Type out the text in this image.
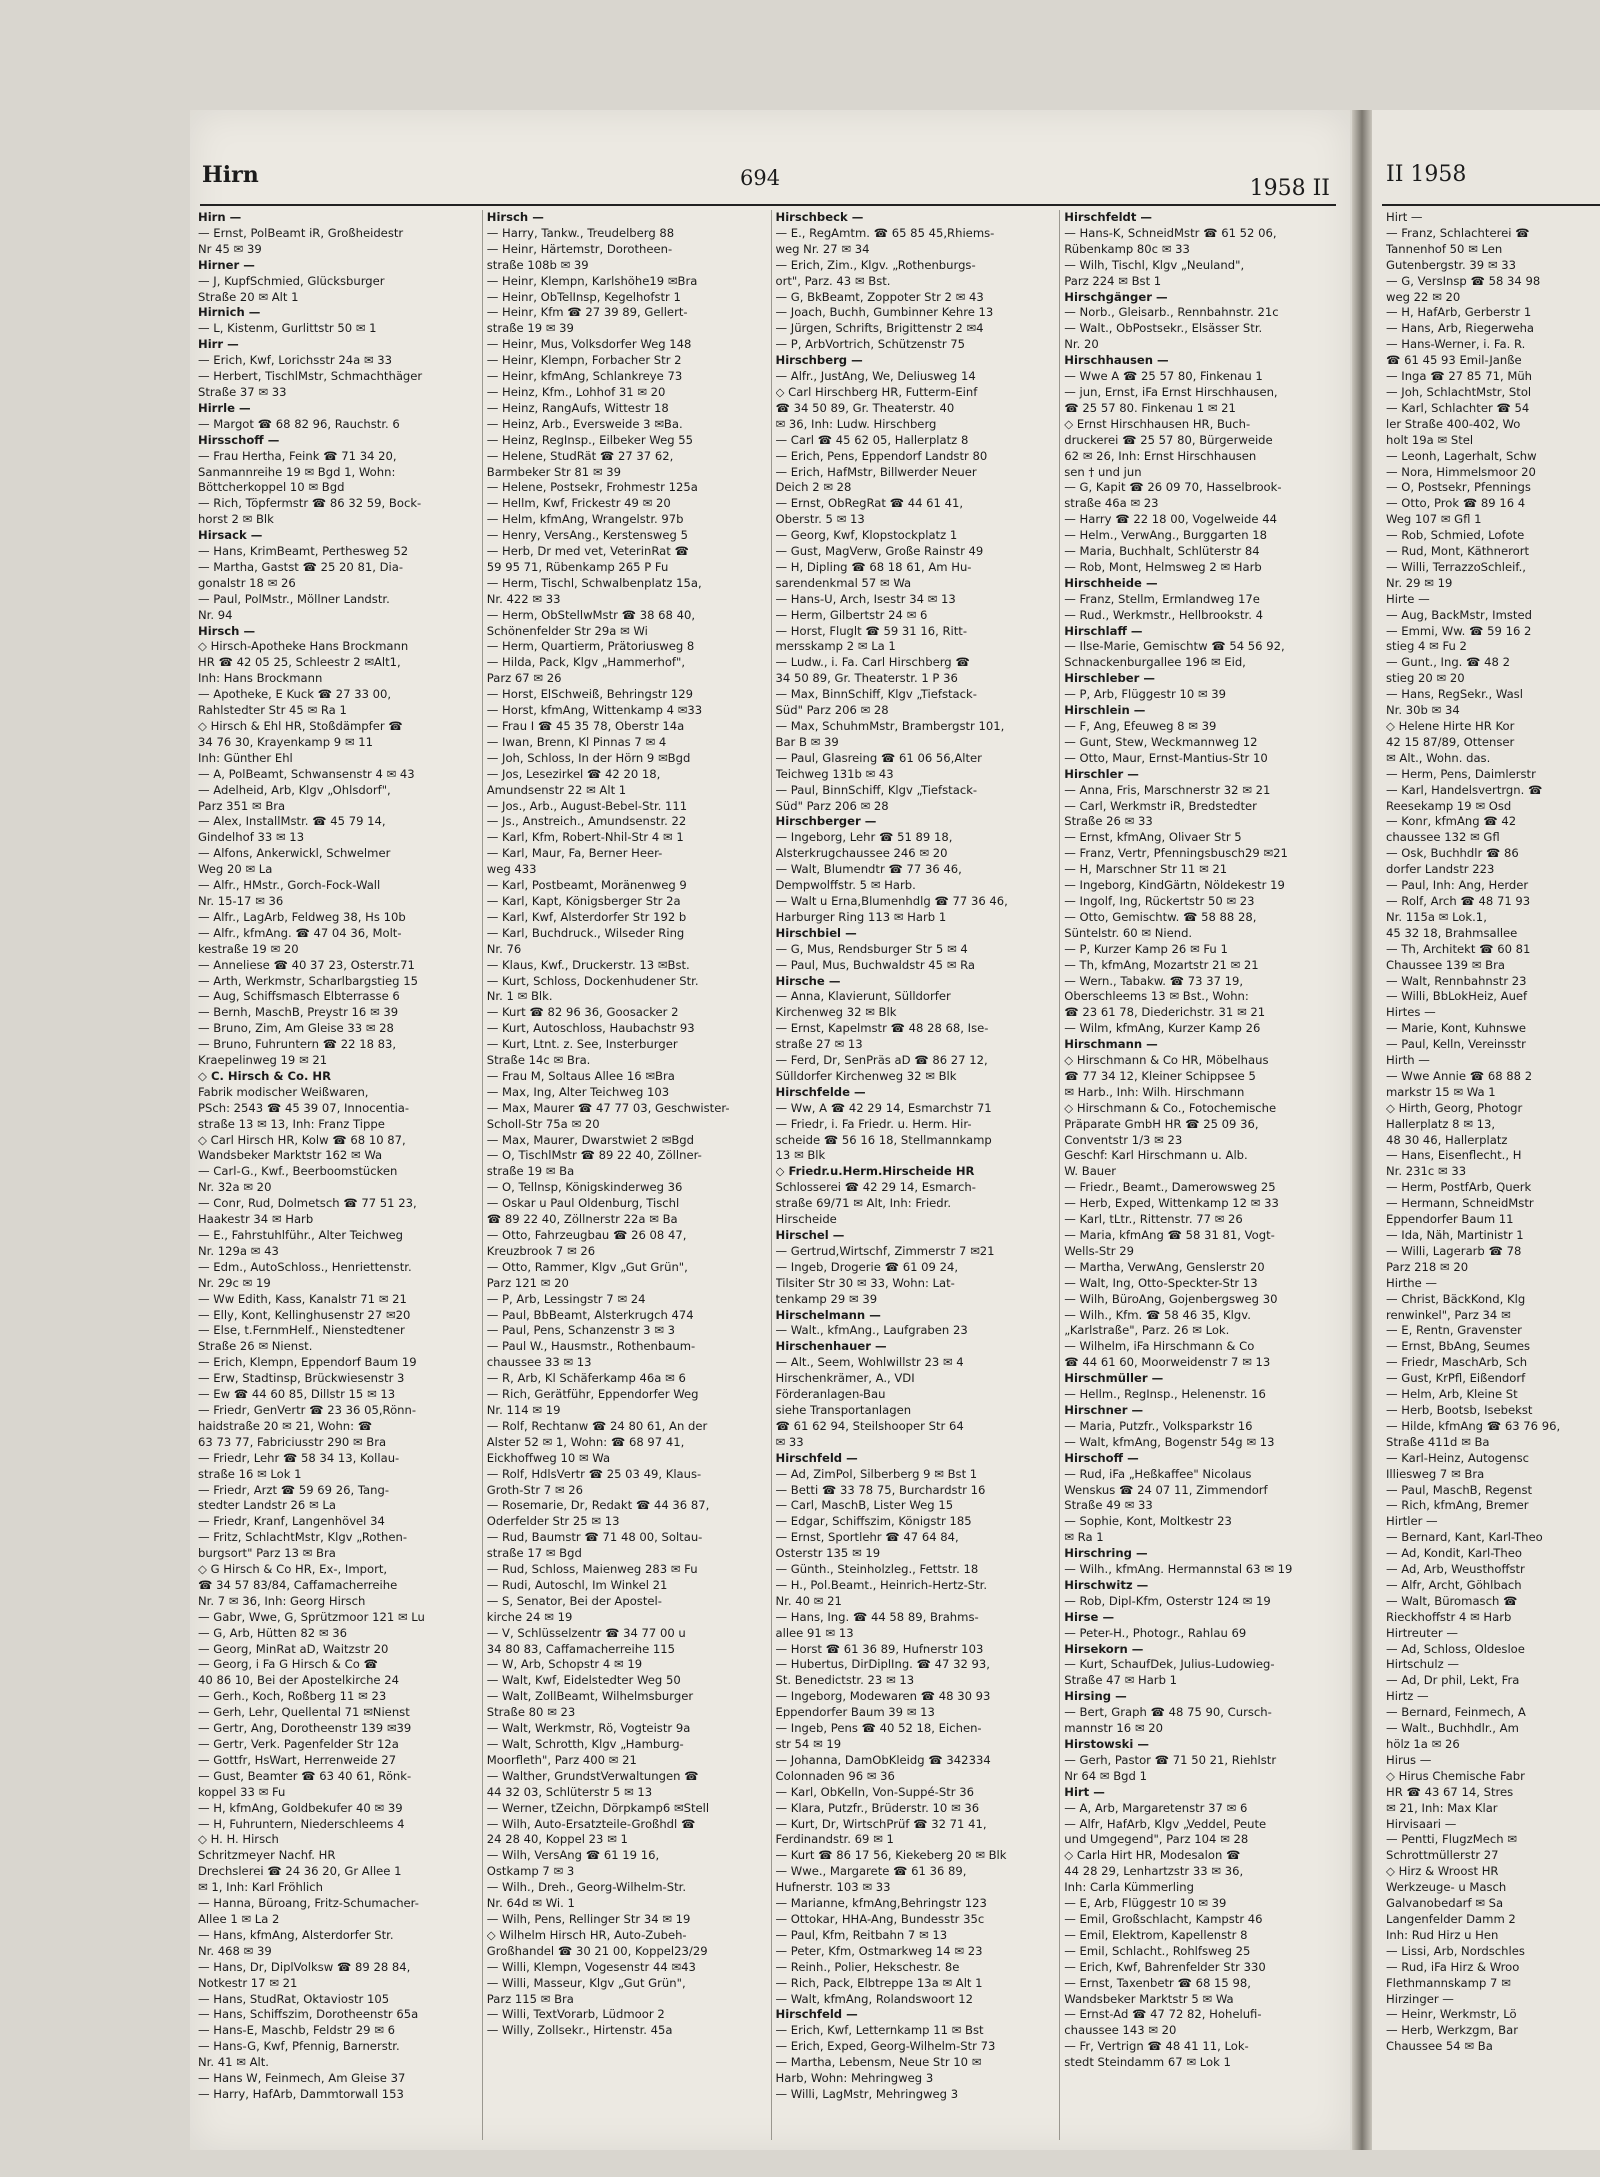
Hirn	694	1958 II
Hirn —
— Ernst, PolBeamt iR, Großheidestr
Nr 45 ✉ 39
Hirner —
— J, KupfSchmied, Glücksburger
Straße 20 ✉ Alt 1
Hirnich —
— L, Kistenm, Gurlittstr 50 ✉ 1
Hirr —
— Erich, Kwf, Lorichsstr 24a ✉ 33
— Herbert, TischlMstr, Schmachthäger
Straße 37 ✉ 33
Hirrle —
— Margot ☎ 68 82 96, Rauchstr. 6
Hirsschoff —
— Frau Hertha, Feink ☎ 71 34 20,
Sanmannreihe 19 ✉ Bgd 1, Wohn:
Böttcherkoppel 10 ✉ Bgd
— Rich, Töpfermstr ☎ 86 32 59, Bock-
horst 2 ✉ Blk
Hirsack —
— Hans, KrimBeamt, Perthesweg 52
— Martha, Gastst ☎ 25 20 81, Dia-
gonalstr 18 ✉ 26
— Paul, PolMstr., Möllner Landstr.
Nr. 94
Hirsch —
◇ Hirsch-Apotheke Hans Brockmann
HR ☎ 42 05 25, Schleestr 2 ✉Alt1,
Inh: Hans Brockmann
— Apotheke, E Kuck ☎ 27 33 00,
Rahlstedter Str 45 ✉ Ra 1
◇ Hirsch & Ehl HR, Stoßdämpfer ☎
34 76 30, Krayenkamp 9 ✉ 11
Inh: Günther Ehl
— A, PolBeamt, Schwansenstr 4 ✉ 43
— Adelheid, Arb, Klgv „Ohlsdorf",
Parz 351 ✉ Bra
— Alex, InstallMstr. ☎ 45 79 14,
Gindelhof 33 ✉ 13
— Alfons, Ankerwickl, Schwelmer
Weg 20 ✉ La
— Alfr., HMstr., Gorch-Fock-Wall
Nr. 15-17 ✉ 36
— Alfr., LagArb, Feldweg 38, Hs 10b
— Alfr., kfmAng. ☎ 47 04 36, Molt-
kestraße 19 ✉ 20
— Anneliese ☎ 40 37 23, Osterstr.71
— Arth, Werkmstr, Scharlbargstieg 15
— Aug, Schiffsmasch Elbterrasse 6
— Bernh, MaschB, Preystr 16 ✉ 39
— Bruno, Zim, Am Gleise 33 ✉ 28
— Bruno, Fuhruntern ☎ 22 18 83,
Kraepelinweg 19 ✉ 21
◇ C. Hirsch & Co. HR
Fabrik modischer Weißwaren,
PSch: 2543 ☎ 45 39 07, Innocentia-
straße 13 ✉ 13, Inh: Franz Tippe
◇ Carl Hirsch HR, Kolw ☎ 68 10 87,
Wandsbeker Marktstr 162 ✉ Wa
— Carl-G., Kwf., Beerboomstücken
Nr. 32a ✉ 20
— Conr, Rud, Dolmetsch ☎ 77 51 23,
Haakestr 34 ✉ Harb
— E., Fahrstuhlführ., Alter Teichweg
Nr. 129a ✉ 43
— Edm., AutoSchloss., Henriettenstr.
Nr. 29c ✉ 19
— Ww Edith, Kass, Kanalstr 71 ✉ 21
— Elly, Kont, Kellinghusenstr 27 ✉20
— Else, t.FernmHelf., Nienstedtener
Straße 26 ✉ Nienst.
— Erich, Klempn, Eppendorf Baum 19
— Erw, Stadtinsp, Brückwiesenstr 3
— Ew ☎ 44 60 85, Dillstr 15 ✉ 13
— Friedr, GenVertr ☎ 23 36 05,Rönn-
haidstraße 20 ✉ 21, Wohn: ☎
63 73 77, Fabriciusstr 290 ✉ Bra
— Friedr, Lehr ☎ 58 34 13, Kollau-
straße 16 ✉ Lok 1
— Friedr, Arzt ☎ 59 69 26, Tang-
stedter Landstr 26 ✉ La
— Friedr, Kranf, Langenhövel 34
— Fritz, SchlachtMstr, Klgv „Rothen-
burgsort" Parz 13 ✉ Bra
◇ G Hirsch & Co HR, Ex-, Import,
☎ 34 57 83/84, Caffamacherreihe
Nr. 7 ✉ 36, Inh: Georg Hirsch
— Gabr, Wwe, G, Sprützmoor 121 ✉ Lu
— G, Arb, Hütten 82 ✉ 36
— Georg, MinRat aD, Waitzstr 20
— Georg, i Fa G Hirsch & Co ☎
40 86 10, Bei der Apostelkirche 24
— Gerh., Koch, Roßberg 11 ✉ 23
— Gerh, Lehr, Quellental 71 ✉Nienst
— Gertr, Ang, Dorotheenstr 139 ✉39
— Gertr, Verk. Pagenfelder Str 12a
— Gottfr, HsWart, Herrenweide 27
— Gust, Beamter ☎ 63 40 61, Rönk-
koppel 33 ✉ Fu
— H, kfmAng, Goldbekufer 40 ✉ 39
— H, Fuhruntern, Niederschleems 4
◇ H. H. Hirsch
Schritzmeyer Nachf. HR
Drechslerei ☎ 24 36 20, Gr Allee 1
✉ 1, Inh: Karl Fröhlich
— Hanna, Büroang, Fritz-Schumacher-
Allee 1 ✉ La 2
— Hans, kfmAng, Alsterdorfer Str.
Nr. 468 ✉ 39
— Hans, Dr, DiplVolksw ☎ 89 28 84,
Notkestr 17 ✉ 21
— Hans, StudRat, Oktaviostr 105
— Hans, Schiffszim, Dorotheenstr 65a
— Hans-E, Maschb, Feldstr 29 ✉ 6
— Hans-G, Kwf, Pfennig, Barnerstr.
Nr. 41 ✉ Alt.
— Hans W, Feinmech, Am Gleise 37
— Harry, HafArb, Dammtorwall 153
Hirsch —
— Harry, Tankw., Treudelberg 88
— Heinr, Härtemstr, Dorotheen-
straße 108b ✉ 39
— Heinr, Klempn, Karlshöhe19 ✉Bra
— Heinr, ObTelInsp, Kegelhofstr 1
— Heinr, Kfm ☎ 27 39 89, Gellert-
straße 19 ✉ 39
— Heinr, Mus, Volksdorfer Weg 148
— Heinr, Klempn, Forbacher Str 2
— Heinr, kfmAng, Schlankreye 73
— Heinz, Kfm., Lohhof 31 ✉ 20
— Heinz, RangAufs, Wittestr 18
— Heinz, Arb., Eversweide 3 ✉Ba.
— Heinz, RegInsp., Eilbeker Weg 55
— Helene, StudRät ☎ 27 37 62,
Barmbeker Str 81 ✉ 39
— Helene, Postsekr, Frohmestr 125a
— Hellm, Kwf, Frickestr 49 ✉ 20
— Helm, kfmAng, Wrangelstr. 97b
— Henry, VersAng., Kerstensweg 5
— Herb, Dr med vet, VeterinRat ☎
59 95 71, Rübenkamp 265 P Fu
— Herm, Tischl, Schwalbenplatz 15a,
Nr. 422 ✉ 33
— Herm, ObStellwMstr ☎ 38 68 40,
Schönenfelder Str 29a ✉ Wi
— Herm, Quartierm, Prätoriusweg 8
— Hilda, Pack, Klgv „Hammerhof",
Parz 67 ✉ 26
— Horst, ElSchweiß, Behringstr 129
— Horst, kfmAng, Wittenkamp 4 ✉33
— Frau I ☎ 45 35 78, Oberstr 14a
— Iwan, Brenn, Kl Pinnas 7 ✉ 4
— Joh, Schloss, In der Hörn 9 ✉Bgd
— Jos, Lesezirkel ☎ 42 20 18,
Amundsenstr 22 ✉ Alt 1
— Jos., Arb., August-Bebel-Str. 111
— Js., Anstreich., Amundsenstr. 22
— Karl, Kfm, Robert-Nhil-Str 4 ✉ 1
— Karl, Maur, Fa, Berner Heer-
weg 433
— Karl, Postbeamt, Moränenweg 9
— Karl, Kapt, Königsberger Str 2a
— Karl, Kwf, Alsterdorfer Str 192 b
— Karl, Buchdruck., Wilseder Ring
Nr. 76
— Klaus, Kwf., Druckerstr. 13 ✉Bst.
— Kurt, Schloss, Dockenhudener Str.
Nr. 1 ✉ Blk.
— Kurt ☎ 82 96 36, Goosacker 2
— Kurt, Autoschloss, Haubachstr 93
— Kurt, Ltnt. z. See, Insterburger
Straße 14c ✉ Bra.
— Frau M, Soltaus Allee 16 ✉Bra
— Max, Ing, Alter Teichweg 103
— Max, Maurer ☎ 47 77 03, Geschwister-
Scholl-Str 75a ✉ 20
— Max, Maurer, Dwarstwiet 2 ✉Bgd
— O, TischlMstr ☎ 89 22 40, Zöllner-
straße 19 ✉ Ba
— O, Tellnsp, Königskinderweg 36
— Oskar u Paul Oldenburg, Tischl
☎ 89 22 40, Zöllnerstr 22a ✉ Ba
— Otto, Fahrzeugbau ☎ 26 08 47,
Kreuzbrook 7 ✉ 26
— Otto, Rammer, Klgv „Gut Grün",
Parz 121 ✉ 20
— P, Arb, Lessingstr 7 ✉ 24
— Paul, BbBeamt, Alsterkrugch 474
— Paul, Pens, Schanzenstr 3 ✉ 3
— Paul W., Hausmstr., Rothenbaum-
chaussee 33 ✉ 13
— R, Arb, Kl Schäferkamp 46a ✉ 6
— Rich, Gerätführ, Eppendorfer Weg
Nr. 114 ✉ 19
— Rolf, Rechtanw ☎ 24 80 61, An der
Alster 52 ✉ 1, Wohn: ☎ 68 97 41,
Eickhoffweg 10 ✉ Wa
— Rolf, HdlsVertr ☎ 25 03 49, Klaus-
Groth-Str 7 ✉ 26
— Rosemarie, Dr, Redakt ☎ 44 36 87,
Oderfelder Str 25 ✉ 13
— Rud, Baumstr ☎ 71 48 00, Soltau-
straße 17 ✉ Bgd
— Rud, Schloss, Maienweg 283 ✉ Fu
— Rudi, Autoschl, Im Winkel 21
— S, Senator, Bei der Apostel-
kirche 24 ✉ 19
— V, Schlüsselzentr ☎ 34 77 00 u
34 80 83, Caffamacherreihe 115
— W, Arb, Schopstr 4 ✉ 19
— Walt, Kwf, Eidelstedter Weg 50
— Walt, ZollBeamt, Wilhelmsburger
Straße 80 ✉ 23
— Walt, Werkmstr, Rö, Vogteistr 9a
— Walt, Schrotth, Klgv „Hamburg-
Moorfleth", Parz 400 ✉ 21
— Walther, GrundstVerwaltungen ☎
44 32 03, Schlüterstr 5 ✉ 13
— Werner, tZeichn, Dörpkamp6 ✉Stell
— Wilh, Auto-Ersatzteile-Großhdl ☎
24 28 40, Koppel 23 ✉ 1
— Wilh, VersAng ☎ 61 19 16,
Ostkamp 7 ✉ 3
— Wilh., Dreh., Georg-Wilhelm-Str.
Nr. 64d ✉ Wi. 1
— Wilh, Pens, Rellinger Str 34 ✉ 19
◇ Wilhelm Hirsch HR, Auto-Zubeh-
Großhandel ☎ 30 21 00, Koppel23/29
— Willi, Klempn, Vogesenstr 44 ✉43
— Willi, Masseur, Klgv „Gut Grün",
Parz 115 ✉ Bra
— Willi, TextVorarb, Lüdmoor 2
— Willy, Zollsekr., Hirtenstr. 45a
Hirschbeck —
— E., RegAmtm. ☎ 65 85 45,Rhiems-
weg Nr. 27 ✉ 34
— Erich, Zim., Klgv. „Rothenburgs-
ort", Parz. 43 ✉ Bst.
— G, BkBeamt, Zoppoter Str 2 ✉ 43
— Joach, Buchh, Gumbinner Kehre 13
— Jürgen, Schrifts, Brigittenstr 2 ✉4
— P, ArbVortrich, Schützenstr 75
Hirschberg —
— Alfr., JustAng, We, Deliusweg 14
◇ Carl Hirschberg HR, Futterm-Einf
☎ 34 50 89, Gr. Theaterstr. 40
✉ 36, Inh: Ludw. Hirschberg
— Carl ☎ 45 62 05, Hallerplatz 8
— Erich, Pens, Eppendorf Landstr 80
— Erich, HafMstr, Billwerder Neuer
Deich 2 ✉ 28
— Ernst, ObRegRat ☎ 44 61 41,
Oberstr. 5 ✉ 13
— Georg, Kwf, Klopstockplatz 1
— Gust, MagVerw, Große Rainstr 49
— H, Dipling ☎ 68 18 61, Am Hu-
sarendenkmal 57 ✉ Wa
— Hans-U, Arch, Isestr 34 ✉ 13
— Herm, Gilbertstr 24 ✉ 6
— Horst, Fluglt ☎ 59 31 16, Ritt-
mersskamp 2 ✉ La 1
— Ludw., i. Fa. Carl Hirschberg ☎
34 50 89, Gr. Theaterstr. 1 P 36
— Max, BinnSchiff, Klgv „Tiefstack-
Süd" Parz 206 ✉ 28
— Max, SchuhmMstr, Brambergstr 101,
Bar B ✉ 39
— Paul, Glasreing ☎ 61 06 56,Alter
Teichweg 131b ✉ 43
— Paul, BinnSchiff, Klgv „Tiefstack-
Süd" Parz 206 ✉ 28
Hirschberger —
— Ingeborg, Lehr ☎ 51 89 18,
Alsterkrugchaussee 246 ✉ 20
— Walt, Blumendtr ☎ 77 36 46,
Dempwolffstr. 5 ✉ Harb.
— Walt u Erna,Blumenhdlg ☎ 77 36 46,
Harburger Ring 113 ✉ Harb 1
Hirschbiel —
— G, Mus, Rendsburger Str 5 ✉ 4
— Paul, Mus, Buchwaldstr 45 ✉ Ra
Hirsche —
— Anna, Klavierunt, Sülldorfer
Kirchenweg 32 ✉ Blk
— Ernst, Kapelmstr ☎ 48 28 68, Ise-
straße 27 ✉ 13
— Ferd, Dr, SenPräs aD ☎ 86 27 12,
Sülldorfer Kirchenweg 32 ✉ Blk
Hirschfelde —
— Ww, A ☎ 42 29 14, Esmarchstr 71
— Friedr, i. Fa Friedr. u. Herm. Hir-
scheide ☎ 56 16 18, Stellmannkamp
13 ✉ Blk
◇ Friedr.u.Herm.Hirscheide HR
Schlosserei ☎ 42 29 14, Esmarch-
straße 69/71 ✉ Alt, Inh: Friedr.
Hirscheide
Hirschel —
— Gertrud,Wirtschf, Zimmerstr 7 ✉21
— Ingeb, Drogerie ☎ 61 09 24,
Tilsiter Str 30 ✉ 33, Wohn: Lat-
tenkamp 29 ✉ 39
Hirschelmann —
— Walt., kfmAng., Laufgraben 23
Hirschenhauer —
— Alt., Seem, Wohlwillstr 23 ✉ 4
Hirschenkrämer, A., VDI
Förderanlagen-Bau
siehe Transportanlagen
☎ 61 62 94, Steilshooper Str 64
✉ 33
Hirschfeld —
— Ad, ZimPol, Silberberg 9 ✉ Bst 1
— Betti ☎ 33 78 75, Burchardstr 16
— Carl, MaschB, Lister Weg 15
— Edgar, Schiffszim, Königstr 185
— Ernst, Sportlehr ☎ 47 64 84,
Osterstr 135 ✉ 19
— Günth., Steinholzleg., Fettstr. 18
— H., Pol.Beamt., Heinrich-Hertz-Str.
Nr. 40 ✉ 21
— Hans, Ing. ☎ 44 58 89, Brahms-
allee 91 ✉ 13
— Horst ☎ 61 36 89, Hufnerstr 103
— Hubertus, DirDiplIng. ☎ 47 32 93,
St. Benedictstr. 23 ✉ 13
— Ingeborg, Modewaren ☎ 48 30 93
Eppendorfer Baum 39 ✉ 13
— Ingeb, Pens ☎ 40 52 18, Eichen-
str 54 ✉ 19
— Johanna, DamObKleidg ☎ 342334
Colonnaden 96 ✉ 36
— Karl, ObKelln, Von-Suppé-Str 36
— Klara, Putzfr., Brüderstr. 10 ✉ 36
— Kurt, Dr, WirtschPrüf ☎ 32 71 41,
Ferdinandstr. 69 ✉ 1
— Kurt ☎ 86 17 56, Kiekeberg 20 ✉ Blk
— Wwe., Margarete ☎ 61 36 89,
Hufnerstr. 103 ✉ 33
— Marianne, kfmAng,Behringstr 123
— Ottokar, HHA-Ang, Bundesstr 35c
— Paul, Kfm, Reitbahn 7 ✉ 13
— Peter, Kfm, Ostmarkweg 14 ✉ 23
— Reinh., Polier, Hekschestr. 8e
— Rich, Pack, Elbtreppe 13a ✉ Alt 1
— Walt, kfmAng, Rolandswoort 12
Hirschfeld —
— Erich, Kwf, Letternkamp 11 ✉ Bst
— Erich, Exped, Georg-Wilhelm-Str 73
— Martha, Lebensm, Neue Str 10 ✉
Harb, Wohn: Mehringweg 3
— Willi, LagMstr, Mehringweg 3
Hirschfeldt —
— Hans-K, SchneidMstr ☎ 61 52 06,
Rübenkamp 80c ✉ 33
— Wilh, Tischl, Klgv „Neuland",
Parz 224 ✉ Bst 1
Hirschgänger —
— Norb., Gleisarb., Rennbahnstr. 21c
— Walt., ObPostsekr., Elsässer Str.
Nr. 20
Hirschhausen —
— Wwe A ☎ 25 57 80, Finkenau 1
— jun, Ernst, iFa Ernst Hirschhausen,
☎ 25 57 80. Finkenau 1 ✉ 21
◇ Ernst Hirschhausen HR, Buch-
druckerei ☎ 25 57 80, Bürgerweide
62 ✉ 26, Inh: Ernst Hirschhausen
sen † und jun
— G, Kapit ☎ 26 09 70, Hasselbrook-
straße 46a ✉ 23
— Harry ☎ 22 18 00, Vogelweide 44
— Helm., VerwAng., Burggarten 18
— Maria, Buchhalt, Schlüterstr 84
— Rob, Mont, Helmsweg 2 ✉ Harb
Hirschheide —
— Franz, Stellm, Ermlandweg 17e
— Rud., Werkmstr., Hellbrookstr. 4
Hirschlaff —
— Ilse-Marie, Gemischtw ☎ 54 56 92,
Schnackenburgallee 196 ✉ Eid,
Hirschleber —
— P, Arb, Flüggestr 10 ✉ 39
Hirschlein —
— F, Ang, Efeuweg 8 ✉ 39
— Gunt, Stew, Weckmannweg 12
— Otto, Maur, Ernst-Mantius-Str 10
Hirschler —
— Anna, Fris, Marschnerstr 32 ✉ 21
— Carl, Werkmstr iR, Bredstedter
Straße 26 ✉ 33
— Ernst, kfmAng, Olivaer Str 5
— Franz, Vertr, Pfenningsbusch29 ✉21
— H, Marschner Str 11 ✉ 21
— Ingeborg, KindGärtn, Nöldekestr 19
— Ingolf, Ing, Rückertstr 50 ✉ 23
— Otto, Gemischtw. ☎ 58 88 28,
Süntelstr. 60 ✉ Niend.
— P, Kurzer Kamp 26 ✉ Fu 1
— Th, kfmAng, Mozartstr 21 ✉ 21
— Wern., Tabakw. ☎ 73 37 19,
Oberschleems 13 ✉ Bst., Wohn:
☎ 23 61 78, Diederichstr. 31 ✉ 21
— Wilm, kfmAng, Kurzer Kamp 26
Hirschmann —
◇ Hirschmann & Co HR, Möbelhaus
☎ 77 34 12, Kleiner Schippsee 5
✉ Harb., Inh: Wilh. Hirschmann
◇ Hirschmann & Co., Fotochemische
Präparate GmbH HR ☎ 25 09 36,
Conventstr 1/3 ✉ 23
Geschf: Karl Hirschmann u. Alb.
W. Bauer
— Friedr., Beamt., Damerowsweg 25
— Herb, Exped, Wittenkamp 12 ✉ 33
— Karl, tLtr., Rittenstr. 77 ✉ 26
— Maria, kfmAng ☎ 58 31 81, Vogt-
Wells-Str 29
— Martha, VerwAng, Genslerstr 20
— Walt, Ing, Otto-Speckter-Str 13
— Wilh, BüroAng, Gojenbergsweg 30
— Wilh., Kfm. ☎ 58 46 35, Klgv.
„Karlstraße", Parz. 26 ✉ Lok.
— Wilhelm, iFa Hirschmann & Co
☎ 44 61 60, Moorweidenstr 7 ✉ 13
Hirschmüller —
— Hellm., RegInsp., Helenenstr. 16
Hirschner —
— Maria, Putzfr., Volksparkstr 16
— Walt, kfmAng, Bogenstr 54g ✉ 13
Hirschoff —
— Rud, iFa „Heßkaffee" Nicolaus
Wenskus ☎ 24 07 11, Zimmendorf
Straße 49 ✉ 33
— Sophie, Kont, Moltkestr 23
✉ Ra 1
Hirschring —
— Wilh., kfmAng. Hermannstal 63 ✉ 19
Hirschwitz —
— Rob, Dipl-Kfm, Osterstr 124 ✉ 19
Hirse —
— Peter-H., Photogr., Rahlau 69
Hirsekorn —
— Kurt, SchaufDek, Julius-Ludowieg-
Straße 47 ✉ Harb 1
Hirsing —
— Bert, Graph ☎ 48 75 90, Cursch-
mannstr 16 ✉ 20
Hirstowski —
— Gerh, Pastor ☎ 71 50 21, Riehlstr
Nr 64 ✉ Bgd 1
Hirt —
— A, Arb, Margaretenstr 37 ✉ 6
— Alfr, HafArb, Klgv „Veddel, Peute
und Umgegend", Parz 104 ✉ 28
◇ Carla Hirt HR, Modesalon ☎
44 28 29, Lenhartzstr 33 ✉ 36,
Inh: Carla Kümmerling
— E, Arb, Flüggestr 10 ✉ 39
— Emil, Großschlacht, Kampstr 46
— Emil, Elektrom, Kapellenstr 8
— Emil, Schlacht., Rohlfsweg 25
— Erich, Kwf, Bahrenfelder Str 330
— Ernst, Taxenbetr ☎ 68 15 98,
Wandsbeker Marktstr 5 ✉ Wa
— Ernst-Ad ☎ 47 72 82, Hohelufi-
chaussee 143 ✉ 20
— Fr, Vertrign ☎ 48 41 11, Lok-
stedt Steindamm 67 ✉ Lok 1
II 1958
Hirt —
— Franz, Schlachterei ☎
Tannenhof 50 ✉ Len
Gutenbergstr. 39 ✉ 33
— G, VersInsp ☎ 58 34 98
weg 22 ✉ 20
— H, HafArb, Gerberstr 1
— Hans, Arb, Riegerweha
— Hans-Werner, i. Fa. R.
☎ 61 45 93 Emil-Janße
— Inga ☎ 27 85 71, Müh
— Joh, SchlachtMstr, Stol
— Karl, Schlachter ☎ 54
ler Straße 400-402, Wo
holt 19a ✉ Stel
— Leonh, Lagerhalt, Schw
— Nora, Himmelsmoor 20
— O, Postsekr, Pfennings
— Otto, Prok ☎ 89 16 4
Weg 107 ✉ Gfl 1
— Rob, Schmied, Lofote
— Rud, Mont, Käthnerort
— Willi, TerrazzoSchleif.,
Nr. 29 ✉ 19
Hirte —
— Aug, BackMstr, Imsted
— Emmi, Ww. ☎ 59 16 2
stieg 4 ✉ Fu 2
— Gunt., Ing. ☎ 48 2
stieg 20 ✉ 20
— Hans, RegSekr., Wasl
Nr. 30b ✉ 34
◇ Helene Hirte HR Kor
42 15 87/89, Ottenser
✉ Alt., Wohn. das.
— Herm, Pens, Daimlerstr
— Karl, Handelsvertrgn. ☎
Reesekamp 19 ✉ Osd
— Konr, kfmAng ☎ 42
chaussee 132 ✉ Gfl
— Osk, Buchhdlr ☎ 86
dorfer Landstr 223
— Paul, Inh: Ang, Herder
— Rolf, Arch ☎ 48 71 93
Nr. 115a ✉ Lok.1,
45 32 18, Brahmsallee
— Th, Architekt ☎ 60 81
Chaussee 139 ✉ Bra
— Walt, Rennbahnstr 23
— Willi, BbLokHeiz, Auef
Hirtes —
— Marie, Kont, Kuhnswe
— Paul, Kelln, Vereinsstr
Hirth —
— Wwe Annie ☎ 68 88 2
markstr 15 ✉ Wa 1
◇ Hirth, Georg, Photogr
Hallerplatz 8 ✉ 13,
48 30 46, Hallerplatz
— Hans, Eisenflecht., H
Nr. 231c ✉ 33
— Herm, PostfArb, Querk
— Hermann, SchneidMstr
Eppendorfer Baum 11
— Ida, Näh, Martinistr 1
— Willi, Lagerarb ☎ 78
Parz 218 ✉ 20
Hirthe —
— Christ, BäckKond, Klg
renwinkel", Parz 34 ✉
— E, Rentn, Gravenster
— Ernst, BbAng, Seumes
— Friedr, MaschArb, Sch
— Gust, KrPfl, Eißendorf
— Helm, Arb, Kleine St
— Herb, Bootsb, Isebekst
— Hilde, kfmAng ☎ 63 76 96,
Straße 411d ✉ Ba
— Karl-Heinz, Autogensc
Illiesweg 7 ✉ Bra
— Paul, MaschB, Regenst
— Rich, kfmAng, Bremer
Hirtler —
— Bernard, Kant, Karl-Theo
— Ad, Kondit, Karl-Theo
— Ad, Arb, Weusthoffstr
— Alfr, Archt, Göhlbach
— Walt, Büromasch ☎
Rieckhoffstr 4 ✉ Harb
Hirtreuter —
— Ad, Schloss, Oldesloe
Hirtschulz —
— Ad, Dr phil, Lekt, Fra
Hirtz —
— Bernard, Feinmech, A
— Walt., Buchhdlr., Am
hölz 1a ✉ 26
Hirus —
◇ Hirus Chemische Fabr
HR ☎ 43 67 14, Stres
✉ 21, Inh: Max Klar
Hirvisaari —
— Pentti, FlugzMech ✉
Schrottmüllerstr 27
◇ Hirz & Wroost HR
Werkzeuge- u Masch
Galvanobedarf ✉ Sa
Langenfelder Damm 2
Inh: Rud Hirz u Hen
— Lissi, Arb, Nordschles
— Rud, iFa Hirz & Wroo
Flethmannskamp 7 ✉
Hirzinger —
— Heinr, Werkmstr, Lö
— Herb, Werkzgm, Bar
Chaussee 54 ✉ Ba
